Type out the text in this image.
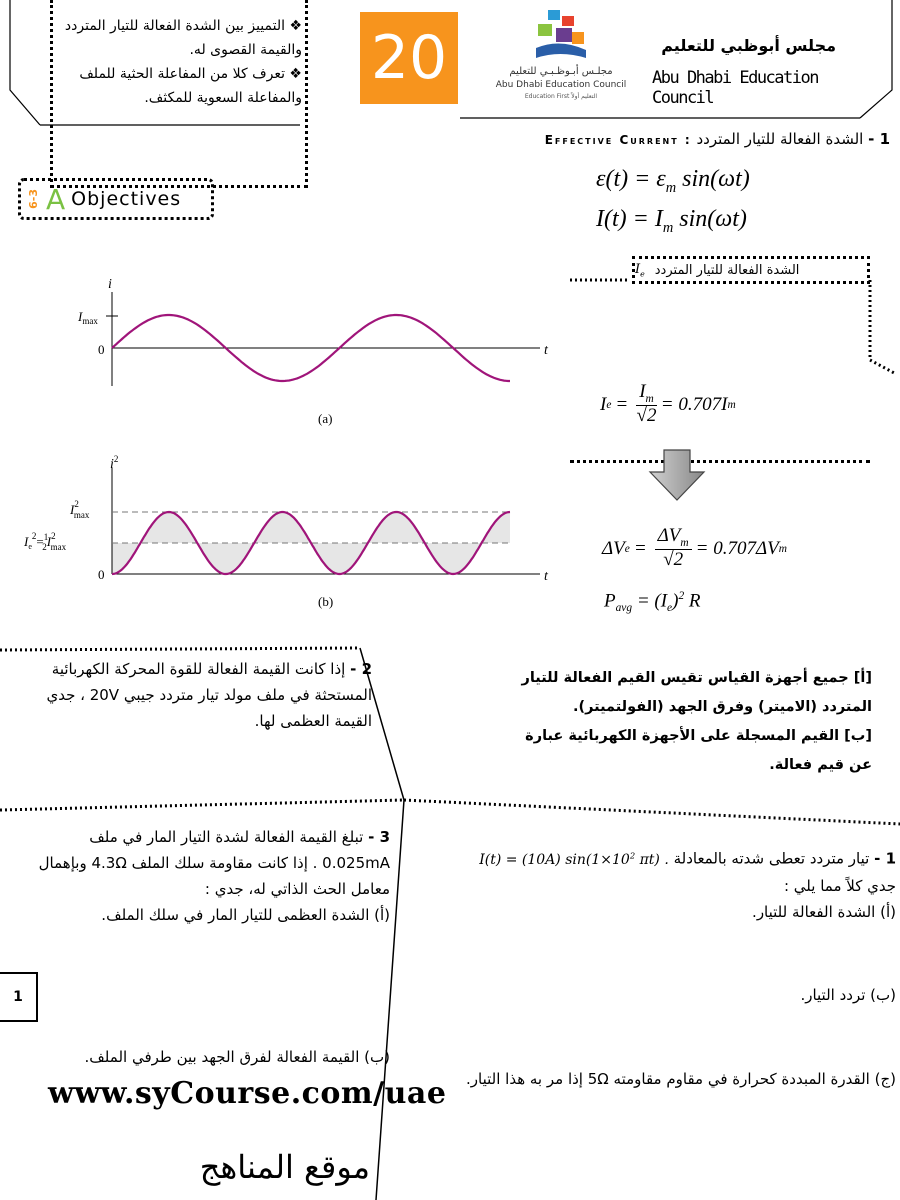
❖ التمييز بين الشدة الفعالة للتيار المتردد والقيمة القصوى له.
❖ تعرف كلا من المفاعلة الحثية للملف والمفاعلة السعوية للمكثف.
6-3 A Objectives
20	مجلـس أبـوظـبـي للتعليم
Abu Dhabi Education Council
Education First التعليم أولاً
مجلس أبوظبي للتعليم
Abu Dhabi Education Council
1 - الشدة الفعالة للتيار المتردد Effective Current :
$\varepsilon(t) = \varepsilon_m$ sin(ωt)
$I(t) = I_m$ sin(ωt)
الشدة الفعالة للتيار المتردد
$I_e$
I $e = \frac{I_m}{√2} = 0.707I$ m
ΔV $e = \frac{\Delta V_m}{√2} = 0.707\Delta V$ m
$P_{avg} = (I_e)^2$ R
i
t
0
$I_{max}$
(a)
$i^2$
t
0
$I^2$ max
$I_e^2=^1$ $2I^2$ max
(b)
[أ] جميع أجهزة القياس تقيس القيم الفعالة للتيار المتردد (الاميتر) وفرق الجهد (الفولتميتر).
[ب] القيم المسجلة على الأجهزة الكهربائية عبارة عن قيم فعالة.
2 - إذا كانت القيمة الفعالة للقوة المحركة الكهربائية المستحثة في ملف مولد تيار متردد جيبي 20V ، جدي القيمة العظمى لها.
3 - تبلغ القيمة الفعالة لشدة التيار المار في ملف 0.025mA . إذا كانت مقاومة سلك الملف 4.3Ω وبإهمال معامل الحث الذاتي له، جدي :
(أ) الشدة العظمى للتيار المار في سلك الملف.
(ب) القيمة الفعالة لفرق الجهد بين طرفي الملف.
1 - تيار متردد تعطى شدته بالمعادلة I(t) = (10A) $\sin(1\times 10^2$ πt) .
جدي كلاً مما يلي :
(أ) الشدة الفعالة للتيار.
(ب) تردد التيار.
(ج) القدرة المبددة كحرارة في مقاوم مقاومته 5Ω إذا مر به هذا التيار.
1
www.syCourse.com/uae
موقع المناهج
